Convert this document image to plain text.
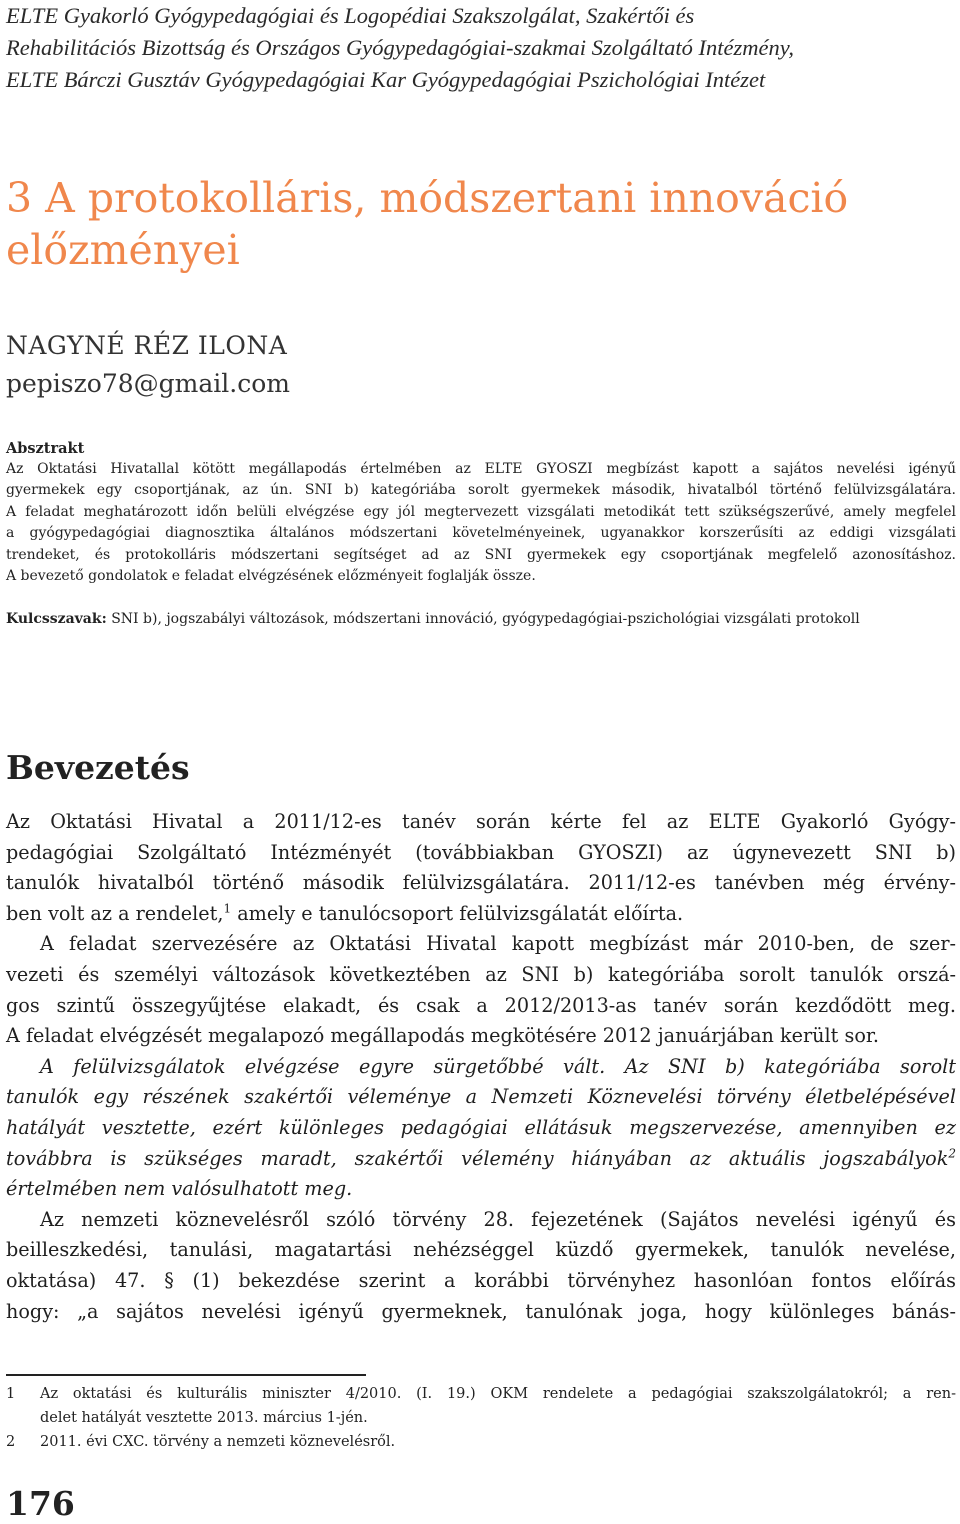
ELTE Gyakorló Gyógypedagógiai és Logopédiai Szakszolgálat, Szakértői és
Rehabilitációs Bizottság és Országos Gyógypedagógiai-szakmai Szolgáltató Intézmény,
ELTE Bárczi Gusztáv Gyógypedagógiai Kar Gyógypedagógiai Pszichológiai Intézet
3 A protokolláris, módszertani innováció
előzményei
NAGYNÉ RÉZ ILONA
pepiszo78@gmail.com

Absztrakt

Az Oktatási Hivatallal kötött megállapodás értelmében az ELTE GYOSZI megbízást kapott a sajátos nevelési igényű
gyermekek egy csoportjának, az ún. SNI b) kategóriába sorolt gyermekek második, hivatalból történő felülvizsgálatára.
A feladat meghatározott időn belüli elvégzése egy jól megtervezett vizsgálati metodikát tett szükségszerűvé, amely megfelel
a gyógypedagógiai diagnosztika általános módszertani követelményeinek, ugyanakkor korszerűsíti az eddigi vizsgálati
trendeket, és protokolláris módszertani segítséget ad az SNI gyermekek egy csoportjának megfelelő azonosításhoz.
A bevezető gondolatok e feladat elvégzésének előzményeit foglalják össze.
Kulcsszavak: SNI b), jogszabályi változások, módszertani innováció, gyógypedagógiai-pszichológiai vizsgálati protokoll
Bevezetés
Az Oktatási Hivatal a 2011/12-es tanév során kérte fel az ELTE Gyakorló Gyógy-
pedagógiai Szolgáltató Intézményét (továbbiakban GYOSZI) az úgynevezett SNI b)
tanulók hivatalból történő második felülvizsgálatára. 2011/12-es tanévben még érvény-
ben volt az a rendelet,$^1$ amely e tanulócsoport felülvizsgálatát előírta.
A feladat szervezésére az Oktatási Hivatal kapott megbízást már 2010-ben, de szer-
vezeti és személyi változások következtében az SNI b) kategóriába sorolt tanulók orszá-
gos szintű összegyűjtése elakadt, és csak a 2012/2013-as tanév során kezdődött meg.
A feladat elvégzését megalapozó megállapodás megkötésére 2012 januárjában került sor.
A felülvizsgálatok elvégzése egyre sürgetőbbé vált. Az SNI b) kategóriába sorolt
tanulók egy részének szakértői véleménye a Nemzeti Köznevelési törvény életbelépésével
hatályát vesztette, ezért különleges pedagógiai ellátásuk megszervezése, amennyiben ez
továbbra is szükséges maradt, szakértői vélemény hiányában az aktuális jogszabályok$^2$
értelmében nem valósulhatott meg.
Az nemzeti köznevelésről szóló törvény 28. fejezetének (Sajátos nevelési igényű és
beilleszkedési, tanulási, magatartási nehézséggel küzdő gyermekek, tanulók nevelése,
oktatása) 47. § (1) bekezdése szerint a korábbi törvényhez hasonlóan fontos előírás
hogy: „a sajátos nevelési igényű gyermeknek, tanulónak joga, hogy különleges bánás-
1	Az oktatási és kulturális miniszter 4/2010. (I. 19.) OKM rendelete a pedagógiai szakszolgálatokról; a ren-
delet hatályát vesztette 2013. március 1-jén.
2	2011. évi CXC. törvény a nemzeti köznevelésről.
176
